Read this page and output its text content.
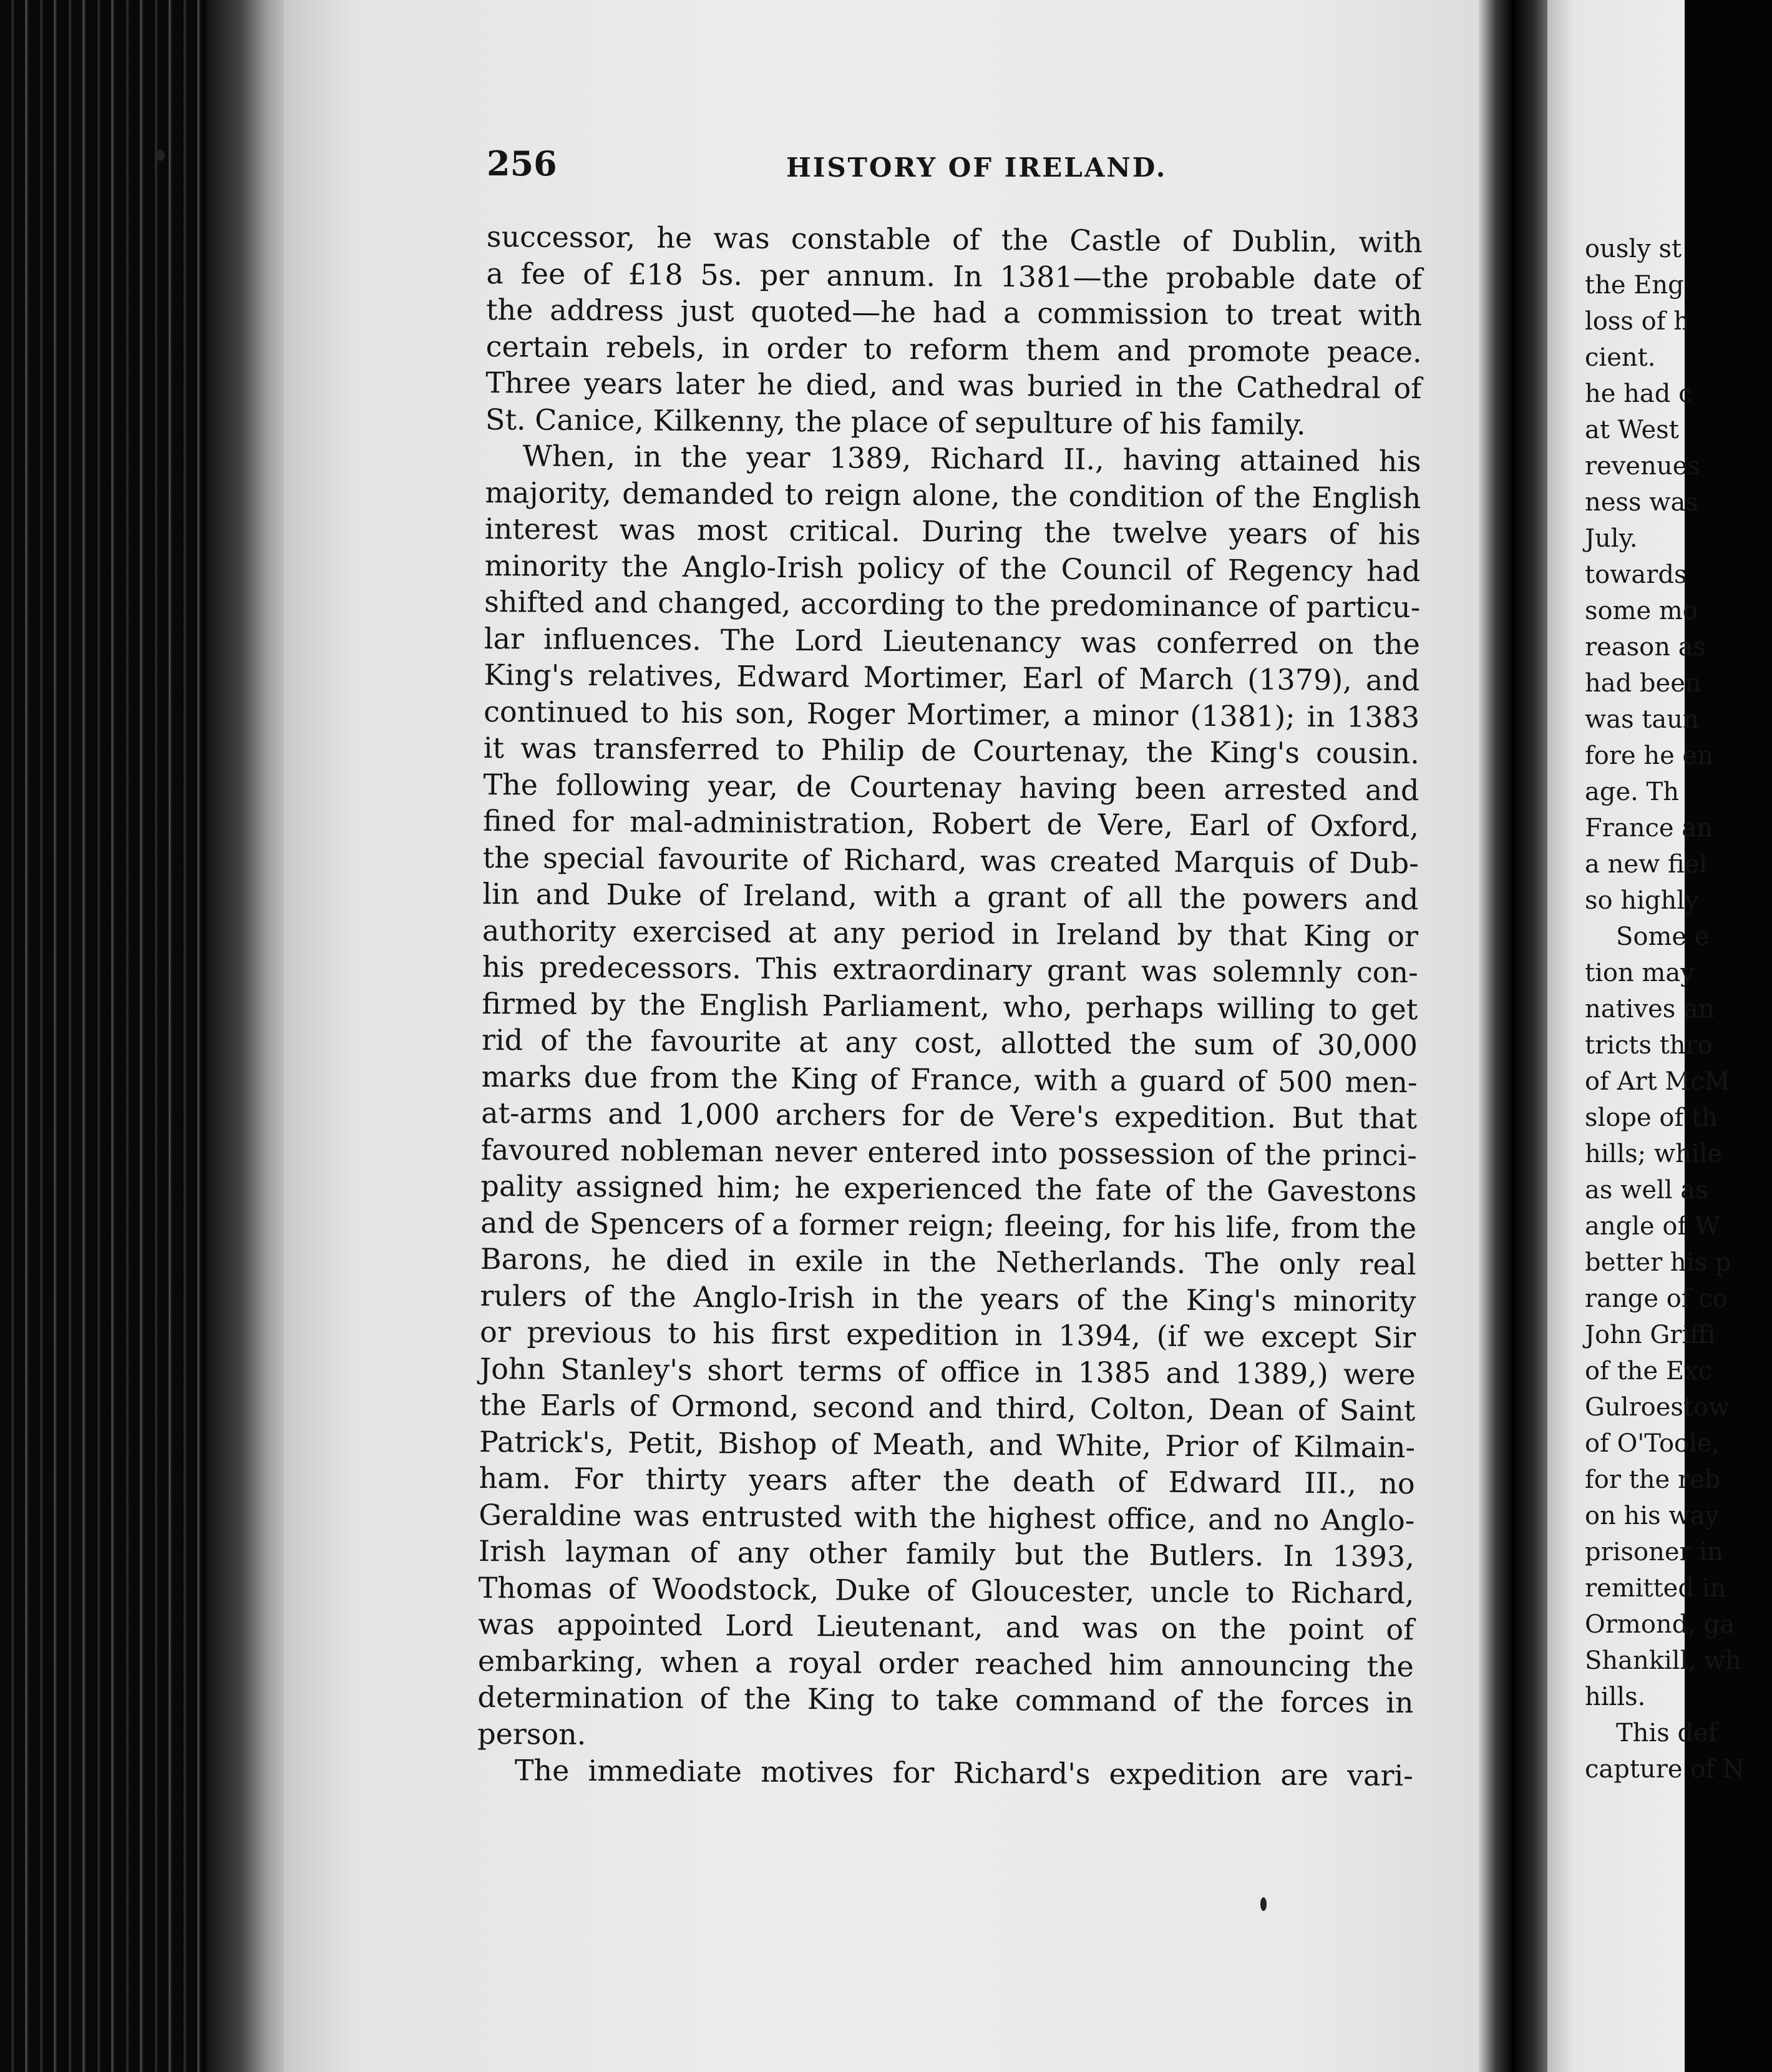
ously st
the Eng
loss of h
cient.
he had c
at West
revenues
ness was
July.
towards
some mo
reason as
had been
was taun
fore he en
age. Th
France an
a new fiel
so highly
Some e
tion may
natives an
tricts thro
of Art McM
slope of th
hills; while
as well as
angle of W
better his p
range of co
John Griffi
of the Exc
Gulroestow
of O'Toole,
for the reb
on his way
prisoner in
remitted in
Ormond, ga
Shankill, wh
hills.
This def
capture of N
256	HISTORY OF IRELAND.
successor, he was constable of the Castle of Dublin, with
a fee of £18 5s. per annum. In 1381—the probable date of
the address just quoted—he had a commission to treat with
certain rebels, in order to reform them and promote peace.
Three years later he died, and was buried in the Cathedral of
St. Canice, Kilkenny, the place of sepulture of his family.
When, in the year 1389, Richard II., having attained his
majority, demanded to reign alone, the condition of the English
interest was most critical. During the twelve years of his
minority the Anglo-Irish policy of the Council of Regency had
shifted and changed, according to the predominance of particu-
lar influences. The Lord Lieutenancy was conferred on the
King's relatives, Edward Mortimer, Earl of March (1379), and
continued to his son, Roger Mortimer, a minor (1381); in 1383
it was transferred to Philip de Courtenay, the King's cousin.
The following year, de Courtenay having been arrested and
fined for mal-administration, Robert de Vere, Earl of Oxford,
the special favourite of Richard, was created Marquis of Dub-
lin and Duke of Ireland, with a grant of all the powers and
authority exercised at any period in Ireland by that King or
his predecessors. This extraordinary grant was solemnly con-
firmed by the English Parliament, who, perhaps willing to get
rid of the favourite at any cost, allotted the sum of 30,000
marks due from the King of France, with a guard of 500 men-
at-arms and 1,000 archers for de Vere's expedition. But that
favoured nobleman never entered into possession of the princi-
pality assigned him; he experienced the fate of the Gavestons
and de Spencers of a former reign; fleeing, for his life, from the
Barons, he died in exile in the Netherlands. The only real
rulers of the Anglo-Irish in the years of the King's minority
or previous to his first expedition in 1394, (if we except Sir
John Stanley's short terms of office in 1385 and 1389,) were
the Earls of Ormond, second and third, Colton, Dean of Saint
Patrick's, Petit, Bishop of Meath, and White, Prior of Kilmain-
ham. For thirty years after the death of Edward III., no
Geraldine was entrusted with the highest office, and no Anglo-
Irish layman of any other family but the Butlers. In 1393,
Thomas of Woodstock, Duke of Gloucester, uncle to Richard,
was appointed Lord Lieutenant, and was on the point of
embarking, when a royal order reached him announcing the
determination of the King to take command of the forces in
person.
The immediate motives for Richard's expedition are vari-
